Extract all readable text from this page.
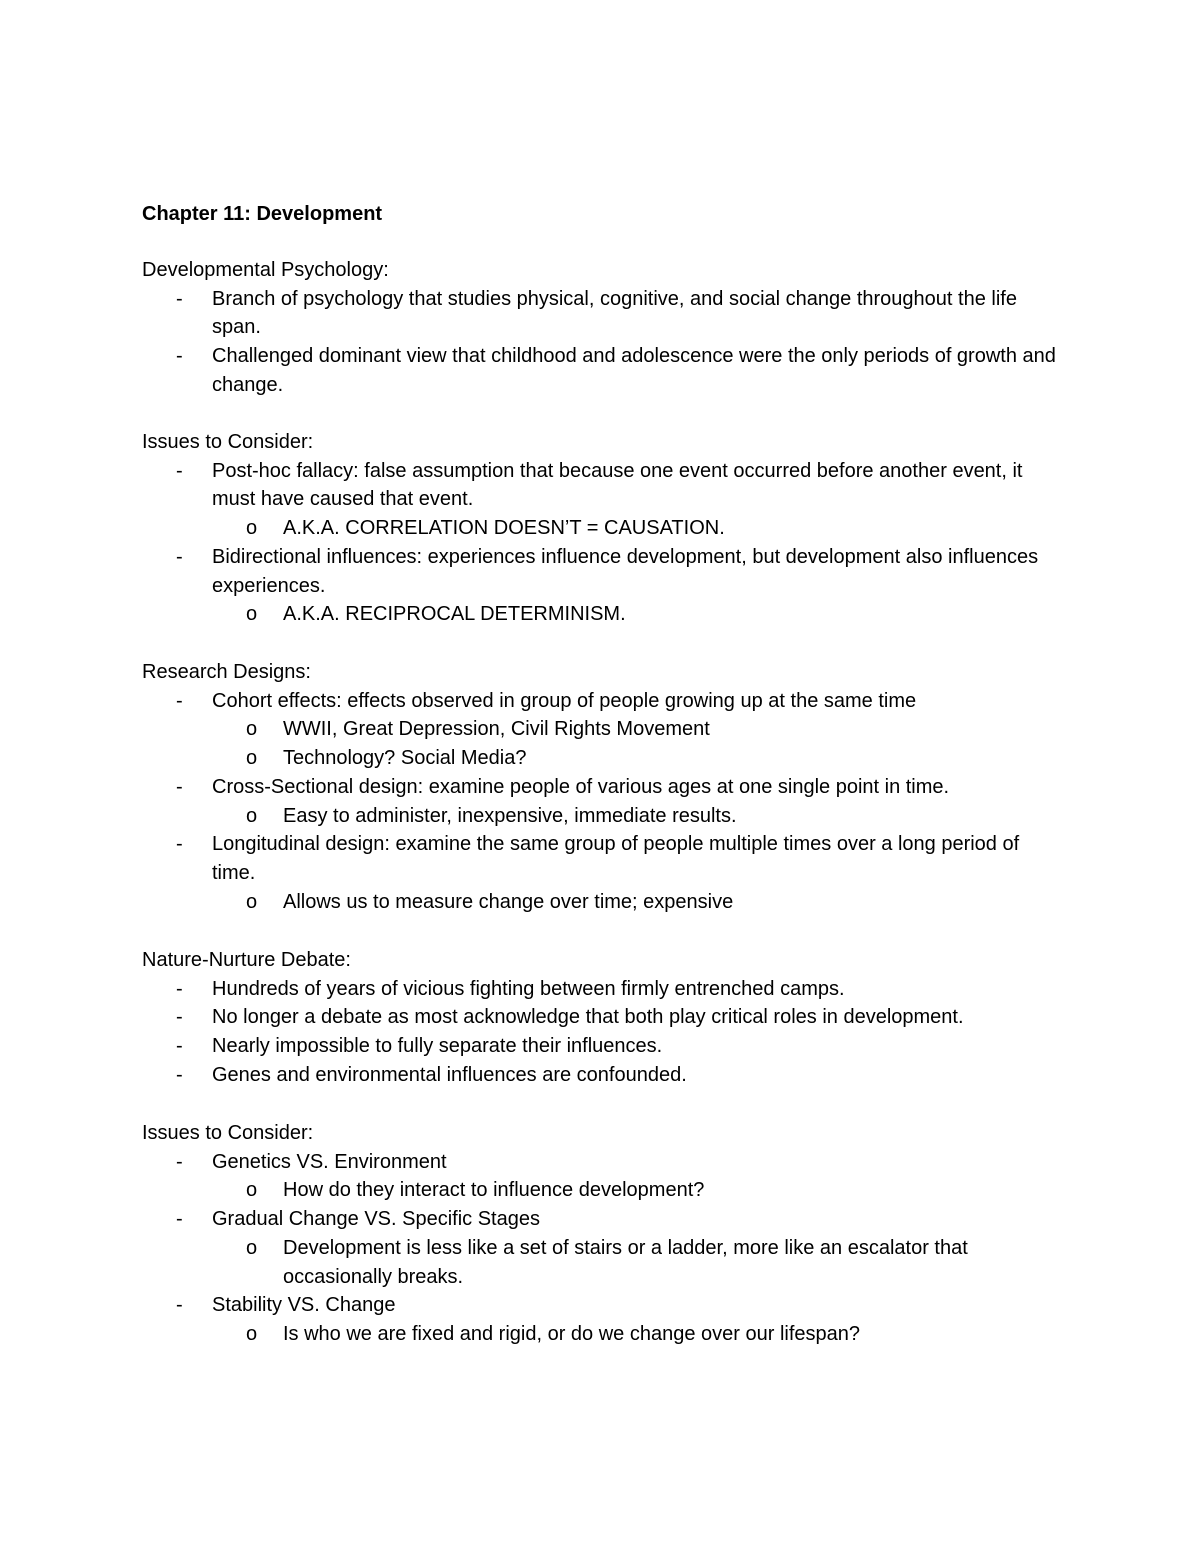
Chapter 11: Development
Developmental Psychology:
- Branch of psychology that studies physical, cognitive, and social change throughout the life span.
- Challenged dominant view that childhood and adolescence were the only periods of growth and change.
Issues to Consider:
- Post-hoc fallacy: false assumption that because one event occurred before another event, it must have caused that event.
o A.K.A. CORRELATION DOESN’T = CAUSATION.
- Bidirectional influences: experiences influence development, but development also influences experiences.
o A.K.A. RECIPROCAL DETERMINISM.
Research Designs:
- Cohort effects: effects observed in group of people growing up at the same time
o WWII, Great Depression, Civil Rights Movement
o Technology? Social Media?
- Cross-Sectional design: examine people of various ages at one single point in time.
o Easy to administer, inexpensive, immediate results.
- Longitudinal design: examine the same group of people multiple times over a long period of time.
o Allows us to measure change over time; expensive
Nature-Nurture Debate:
- Hundreds of years of vicious fighting between firmly entrenched camps.
- No longer a debate as most acknowledge that both play critical roles in development.
- Nearly impossible to fully separate their influences.
- Genes and environmental influences are confounded.
Issues to Consider:
- Genetics VS. Environment
o How do they interact to influence development?
- Gradual Change VS. Specific Stages
o Development is less like a set of stairs or a ladder, more like an escalator that occasionally breaks.
- Stability VS. Change
o Is who we are fixed and rigid, or do we change over our lifespan?
